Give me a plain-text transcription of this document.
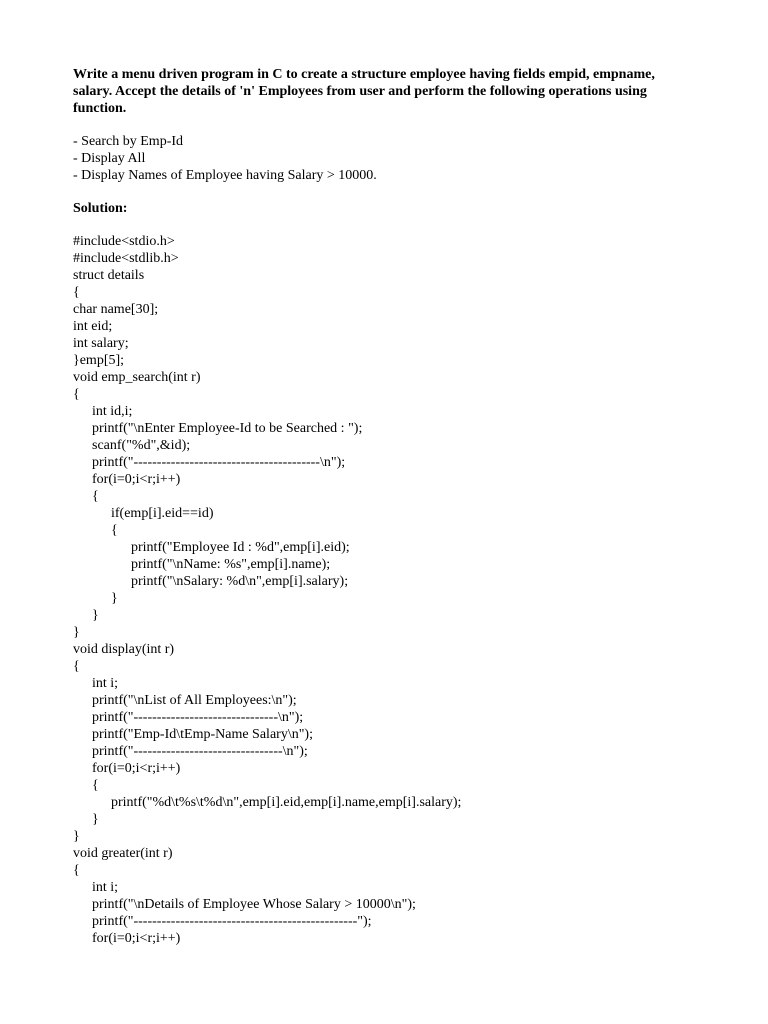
Write a menu driven program in C to create a structure employee having fields empid, empname, salary. Accept the details of 'n' Employees from user and perform the following operations using function.

- Search by Emp-Id
- Display All
- Display Names of Employee having Salary > 10000.

Solution:

#include<stdio.h>
#include<stdlib.h>
struct details
{
char name[30];
int eid;
int salary;
}emp[5];
void emp_search(int r)
{
int id,i;
printf("\nEnter Employee-Id to be Searched : ");
scanf("%d",&id);
printf("----------------------------------------\n");
for(i=0;i<r;i++)
{
if(emp[i].eid==id)
{
printf("Employee Id : %d",emp[i].eid);
printf("\nName: %s",emp[i].name);
printf("\nSalary: %d\n",emp[i].salary);
}
}
}
void display(int r)
{
int i;
printf("\nList of All Employees:\n");
printf("-------------------------------\n");
printf("Emp-Id\tEmp-Name Salary\n");
printf("--------------------------------\n");
for(i=0;i<r;i++)
{
printf("%d\t%s\t%d\n",emp[i].eid,emp[i].name,emp[i].salary);
}
}
void greater(int r)
{
int i;
printf("\nDetails of Employee Whose Salary > 10000\n");
printf("------------------------------------------------");
for(i=0;i<r;i++)
